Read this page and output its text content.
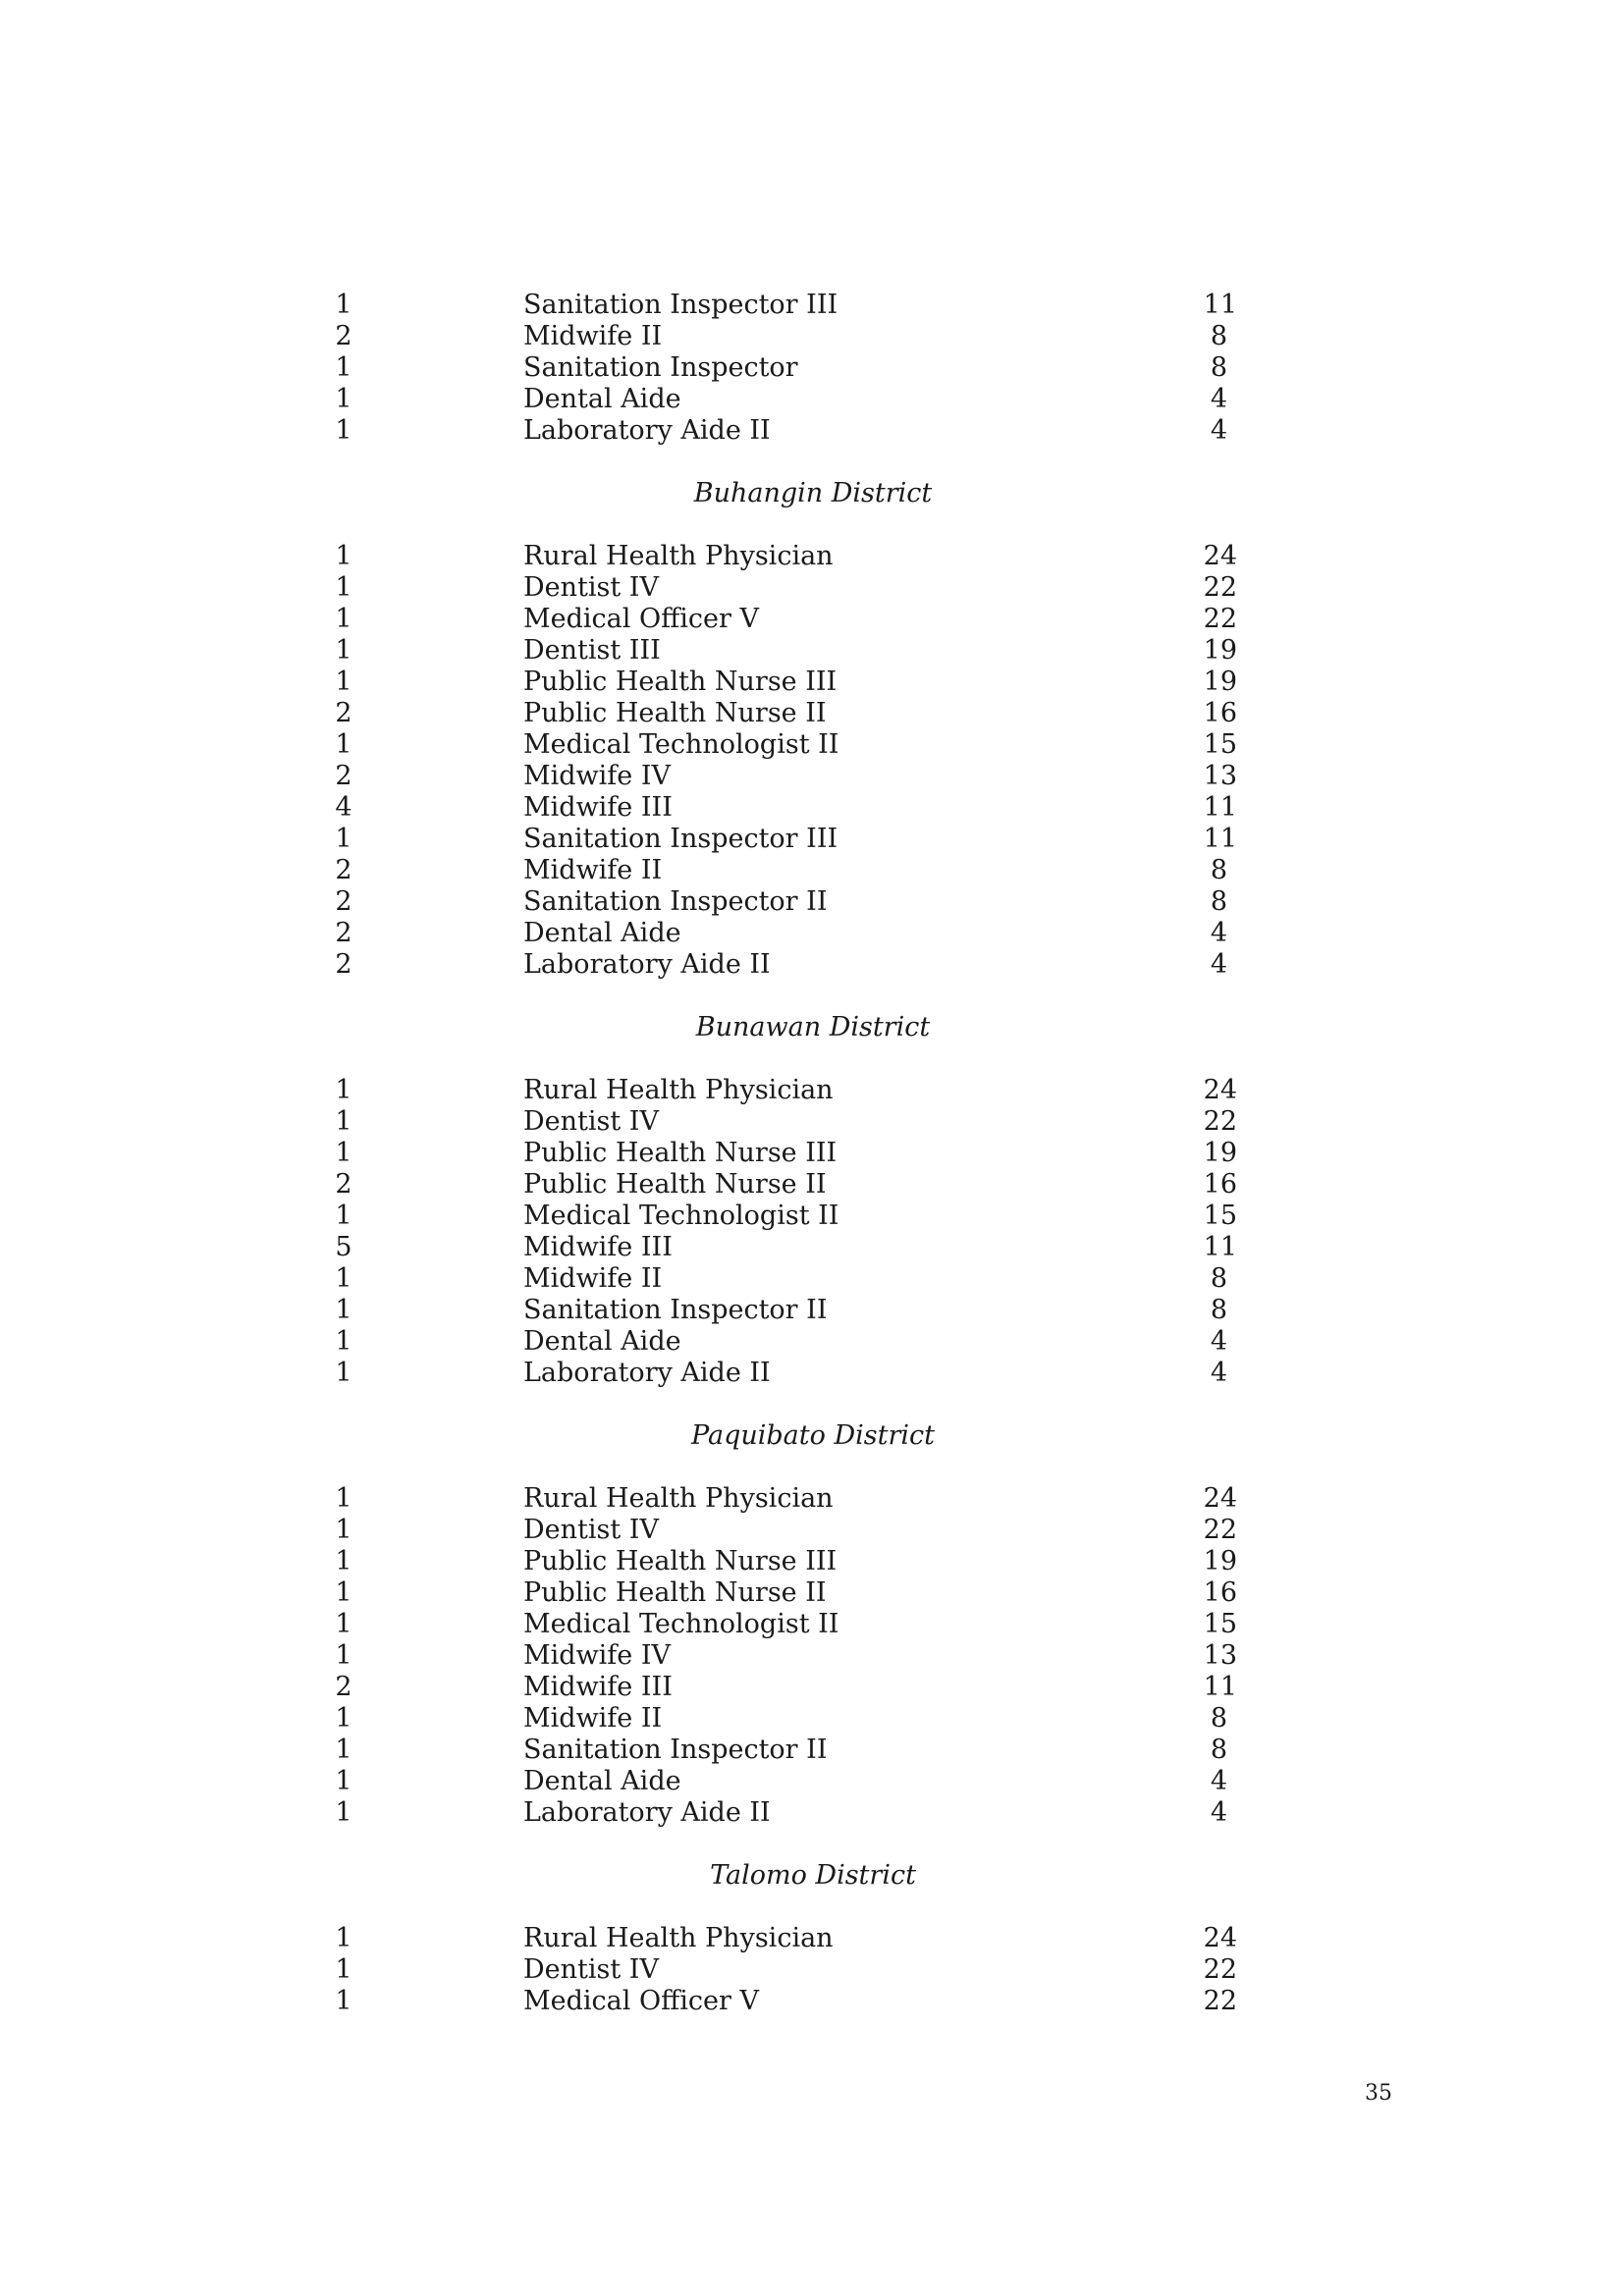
1	Sanitation Inspector III	11
2	Midwife II	8
1	Sanitation Inspector	8
1	Dental Aide	4
1	Laboratory Aide II	4
Buhangin District
1	Rural Health Physician	24
1	Dentist IV	22
1	Medical Officer V	22
1	Dentist III	19
1	Public Health Nurse III	19
2	Public Health Nurse II	16
1	Medical Technologist II	15
2	Midwife IV	13
4	Midwife III	11
1	Sanitation Inspector III	11
2	Midwife II	8
2	Sanitation Inspector II	8
2	Dental Aide	4
2	Laboratory Aide II	4
Bunawan District
1	Rural Health Physician	24
1	Dentist IV	22
1	Public Health Nurse III	19
2	Public Health Nurse II	16
1	Medical Technologist II	15
5	Midwife III	11
1	Midwife II	8
1	Sanitation Inspector II	8
1	Dental Aide	4
1	Laboratory Aide II	4
Paquibato District
1	Rural Health Physician	24
1	Dentist IV	22
1	Public Health Nurse III	19
1	Public Health Nurse II	16
1	Medical Technologist II	15
1	Midwife IV	13
2	Midwife III	11
1	Midwife II	8
1	Sanitation Inspector II	8
1	Dental Aide	4
1	Laboratory Aide II	4
Talomo District
1	Rural Health Physician	24
1	Dentist IV	22
1	Medical Officer V	22
35
